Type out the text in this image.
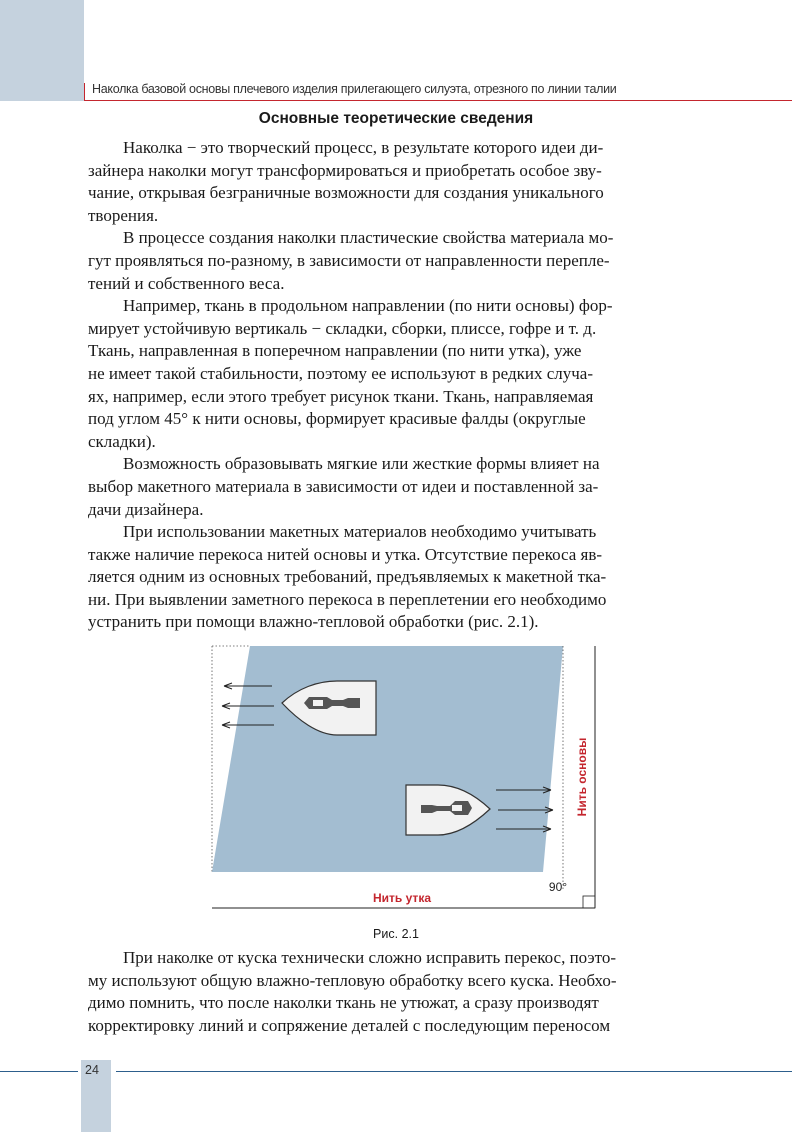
Наколка базовой основы плечевого изделия прилегающего силуэта, отрезного по линии талии
Основные теоретические сведения

Наколка − это творческий процесс, в результате которого идеи ди-

зайнера наколки могут трансформироваться и приобретать особое зву-
чание, открывая безграничные возможности для создания уникального
творения.

В процессе создания наколки пластические свойства материала мо-

гут проявляться по-разному, в зависимости от направленности перепле-
тений и собственного веса.

Например, ткань в продольном направлении (по нити основы) фор-

мирует устойчивую вертикаль − складки, сборки, плиссе, гофре и т. д.
Ткань, направленная в поперечном направлении (по нити утка), уже
не имеет такой стабильности, поэтому ее используют в редких случа-
ях, например, если этого требует рисунок ткани. Ткань, направляемая
под углом 45° к нити основы, формирует красивые фалды (округлые
складки).

Возможность образовывать мягкие или жесткие формы влияет на

выбор макетного материала в зависимости от идеи и поставленной за-
дачи дизайнера.

При использовании макетных материалов необходимо учитывать

также наличие перекоса нитей основы и утка. Отсутствие перекоса яв-
ляется одним из основных требований, предъявляемых к макетной тка-
ни. При выявлении заметного перекоса в переплетении его необходимо
устранить при помощи влажно-тепловой обработки (рис. 2.1).

Нить основы
Нить утка
90°
Рис. 2.1

При наколке от куска технически сложно исправить перекос, поэто-

му используют общую влажно-тепловую обработку всего куска. Необхо-
димо помнить, что после наколки ткань не утюжат, а сразу производят
корректировку линий и сопряжение деталей с последующим переносом

24
